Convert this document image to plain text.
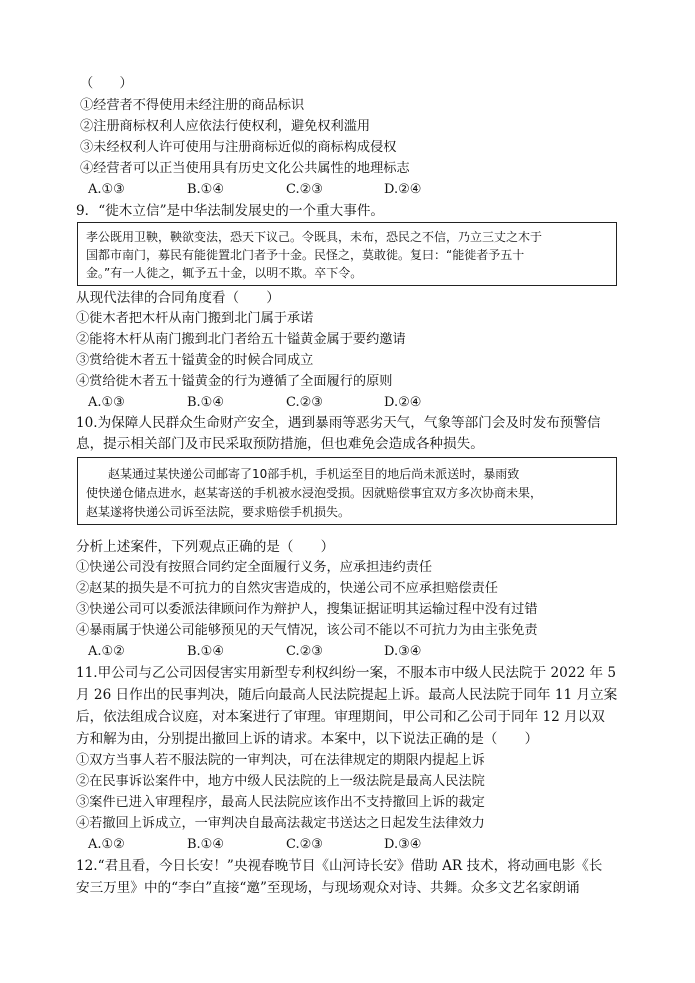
（　　）
①经营者不得使用未经注册的商品标识
②注册商标权利人应依法行使权利，避免权利滥用
③未经权利人许可使用与注册商标近似的商标构成侵权
④经营者可以正当使用具有历史文化公共属性的地理标志
A.①③	B.①④	C.②③	D.②④
9．“徙木立信”是中华法制发展史的一个重大事件。
孝公既用卫鞅，鞅欲变法，恐天下议己。令既具，未布，恐民之不信，乃立三丈之木于
国都市南门，募民有能徙置北门者予十金。民怪之，莫敢徙。复曰：“能徙者予五十
金。”有一人徙之，辄予五十金，以明不欺。卒下令。
从现代法律的合同角度看（　　）
①徙木者把木杆从南门搬到北门属于承诺
②能将木杆从南门搬到北门者给五十镒黄金属于要约邀请
③赏给徙木者五十镒黄金的时候合同成立
④赏给徙木者五十镒黄金的行为遵循了全面履行的原则
A.①③	B.①④	C.②③	D.②④
10.为保障人民群众生命财产安全，遇到暴雨等恶劣天气，气象等部门会及时发布预警信
息，提示相关部门及市民采取预防措施，但也难免会造成各种损失。
赵某通过某快递公司邮寄了10部手机，手机运至目的地后尚未派送时，暴雨致
使快递仓储点进水，赵某寄送的手机被水浸泡受损。因就赔偿事宜双方多次协商未果，
赵某遂将快递公司诉至法院，要求赔偿手机损失。
分析上述案件，下列观点正确的是（　　）
①快递公司没有按照合同约定全面履行义务，应承担违约责任
②赵某的损失是不可抗力的自然灾害造成的，快递公司不应承担赔偿责任
③快递公司可以委派法律顾问作为辩护人，搜集证据证明其运输过程中没有过错
④暴雨属于快递公司能够预见的天气情况，该公司不能以不可抗力为由主张免责
A.①②	B.①④	C.②③	D.③④
11.甲公司与乙公司因侵害实用新型专利权纠纷一案，不服本市中级人民法院于 2022 年 5
月 26 日作出的民事判决，随后向最高人民法院提起上诉。最高人民法院于同年 11 月立案
后，依法组成合议庭，对本案进行了审理。审理期间，甲公司和乙公司于同年 12 月以双
方和解为由，分别提出撤回上诉的请求。本案中，以下说法正确的是（　　）
①双方当事人若不服法院的一审判决，可在法律规定的期限内提起上诉
②在民事诉讼案件中，地方中级人民法院的上一级法院是最高人民法院
③案件已进入审理程序，最高人民法院应该作出不支持撤回上诉的裁定
④若撤回上诉成立，一审判决自最高法裁定书送达之日起发生法律效力
A.①②	B.①④	C.②③	D.③④
12.“君且看，今日长安！”央视春晚节目《山河诗长安》借助 AR 技术，将动画电影《长
安三万里》中的“李白”直接“邀”至现场，与现场观众对诗、共舞。众多文艺名家朗诵
